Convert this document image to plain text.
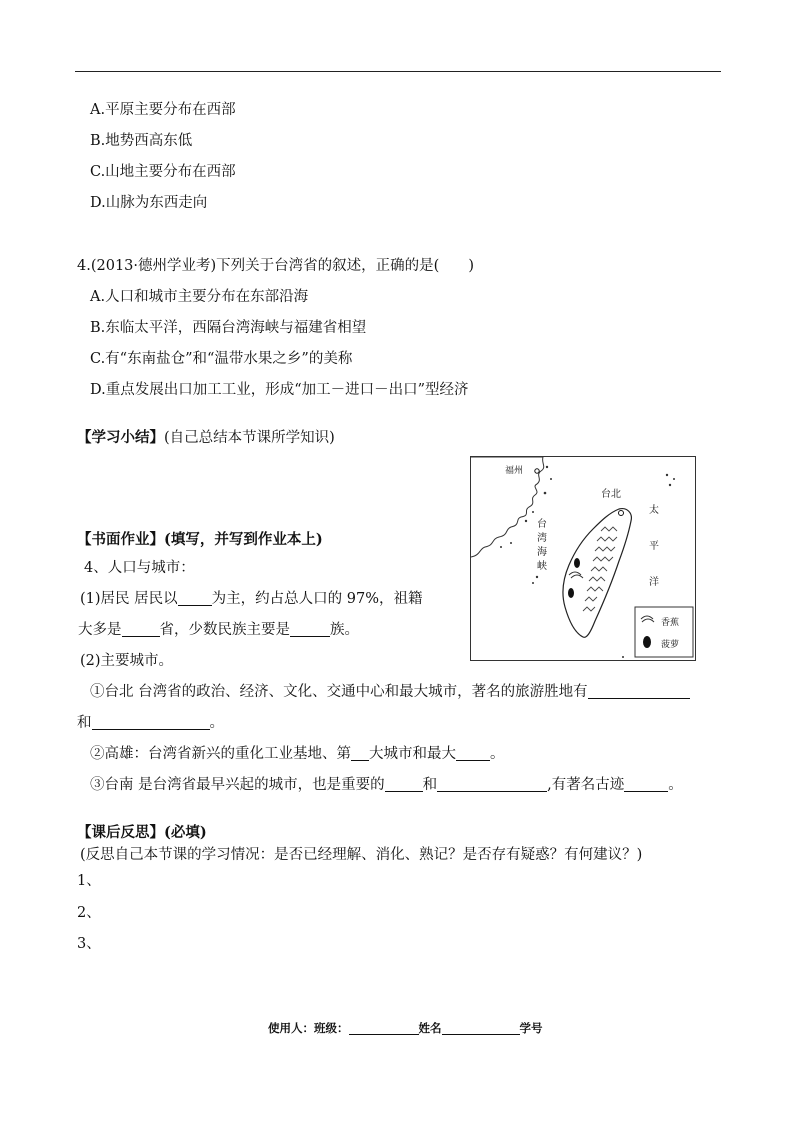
A.平原主要分布在西部
B.地势西高东低
C.山地主要分布在西部
D.山脉为东西走向
4.(2013·德州学业考)下列关于台湾省的叙述，正确的是(　　)
A.人口和城市主要分布在东部沿海
B.东临太平洋，西隔台湾海峡与福建省相望
C.有“东南盐仓”和“温带水果之乡”的美称
D.重点发展出口加工工业，形成“加工－进口－出口”型经济
【学习小结】(自己总结本节课所学知识)
福州
台北
台
湾
海
峡
太
平
洋
香蕉
菠萝
【书面作业】(填写，并写到作业本上)
4、人口与城市：
(1)居民 居民以 为主，约占总人口的 97%，祖籍
大多是	省，少数民族主要是	族。
(2)主要城市。
①台北 台湾省的政治、经济、文化、交通中心和最大城市，著名的旅游胜地有
和	。
②高雄：台湾省新兴的重化工业基地、第 大城市和最大 。
③台南 是台湾省最早兴起的城市，也是重要的	和	,有著名古迹	。
【课后反思】(必填)
(反思自己本节课的学习情况：是否已经理解、消化、熟记？是否存有疑惑？有何建议？)
1、
2、
3、
使用人：班级：	姓名	学号
